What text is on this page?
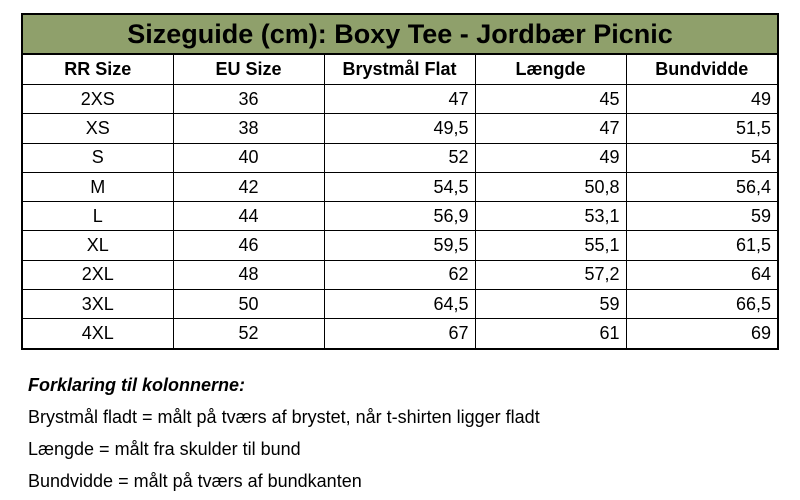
Sizeguide (cm): Boxy Tee - Jordbær Picnic				
RR Size	EU Size	Brystmål Flat	Længde	Bundvidde
2XS	36	47	45	49
XS	38	49,5	47	51,5
S	40	52	49	54
M	42	54,5	50,8	56,4
L	44	56,9	53,1	59
XL	46	59,5	55,1	61,5
2XL	48	62	57,2	64
3XL	50	64,5	59	66,5
4XL	52	67	61	69
Forklaring til kolonnerne:
Brystmål fladt = målt på tværs af brystet, når t-shirten ligger fladt
Længde = målt fra skulder til bund
Bundvidde = målt på tværs af bundkanten
